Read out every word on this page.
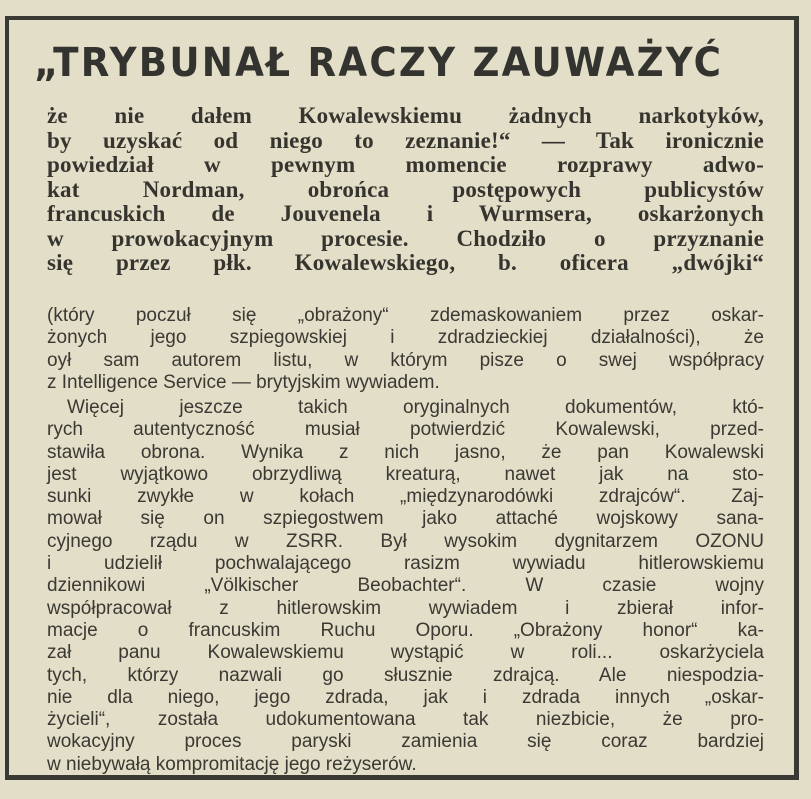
„TRYBUNAŁ RACZY ZAUWAŻYĆ
że nie dałem Kowalewskiemu żadnych narkotyków,
by uzyskać od niego to zeznanie!“ — Tak ironicznie
powiedział w pewnym momencie rozprawy adwo-
kat Nordman, obrońca postępowych publicystów
francuskich de Jouvenela i Wurmsera, oskarżonych
w prowokacyjnym procesie. Chodziło o przyznanie
się przez płk. Kowalewskiego, b. oficera „dwójki“
(który poczuł się „obrażony“ zdemaskowaniem przez oskar-
żonych jego szpiegowskiej i zdradzieckiej działalności), że
oył sam autorem listu, w którym pisze o swej współpracy
z Intelligence Service — brytyjskim wywiadem.
Więcej jeszcze takich oryginalnych dokumentów, któ-
rych autentyczność musiał potwierdzić Kowalewski, przed-
stawiła obrona. Wynika z nich jasno, że pan Kowalewski
jest wyjątkowo obrzydliwą kreaturą, nawet jak na sto-
sunki zwykłe w kołach „międzynarodówki zdrajców“. Zaj-
mował się on szpiegostwem jako attaché wojskowy sana-
cyjnego rządu w ZSRR. Był wysokim dygnitarzem OZONU
i udzielił pochwalającego rasizm wywiadu hitlerowskiemu
dziennikowi „Völkischer Beobachter“. W czasie wojny
współpracował z hitlerowskim wywiadem i zbierał infor-
macje o francuskim Ruchu Oporu. „Obrażony honor“ ka-
zał panu Kowalewskiemu wystąpić w roli... oskarżyciela
tych, którzy nazwali go słusznie zdrajcą. Ale niespodzia-
nie dla niego, jego zdrada, jak i zdrada innych „oskar-
życieli“, została udokumentowana tak niezbicie, że pro-
wokacyjny proces paryski zamienia się coraz bardziej
w niebywałą kompromitację jego reżyserów.
